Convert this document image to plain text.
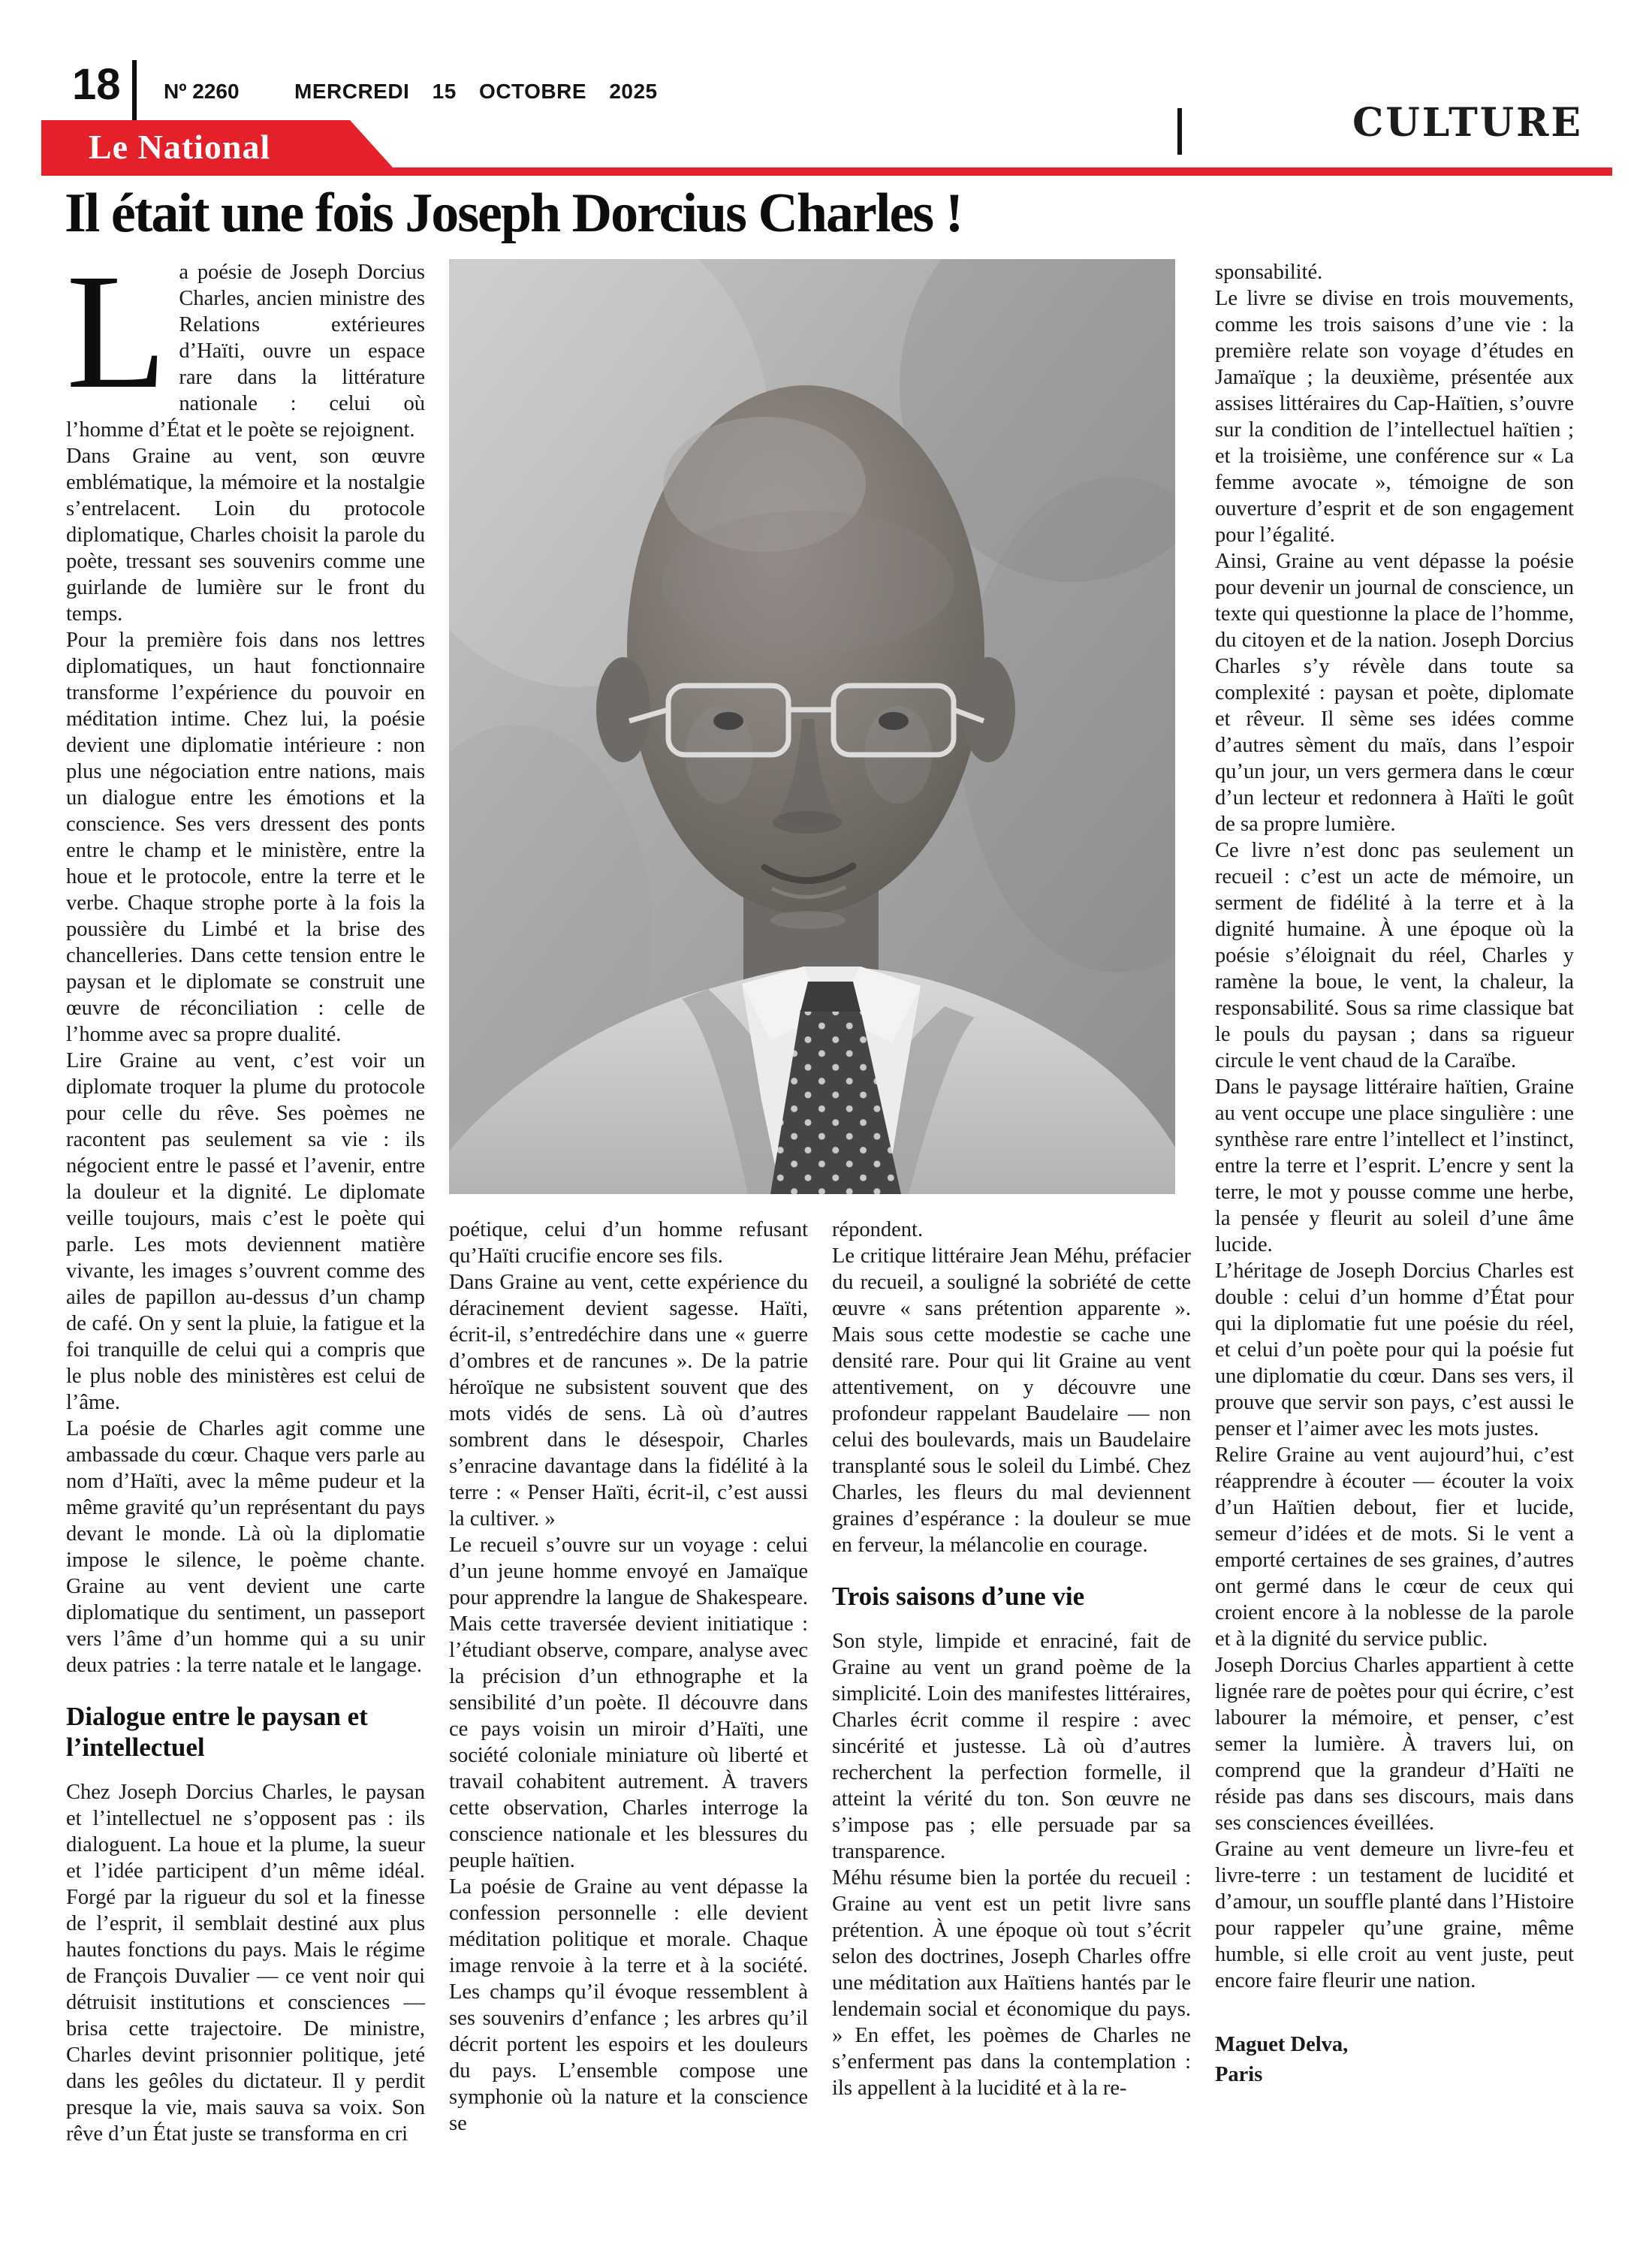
18 Nº 2260	MERCREDI 15 OCTOBRE 2025
CULTURE
Le National
Il était une fois Joseph Dorcius Charles !

La poésie de Joseph Dorcius Charles, ancien ministre des Relations extérieures d’Haïti, ouvre un espace rare dans la littérature nationale : celui où l’homme d’État et le poète se rejoignent.

Dans Graine au vent, son œuvre emblématique, la mémoire et la nostalgie s’entrelacent. Loin du protocole diplomatique, Charles choisit la parole du poète, tressant ses souvenirs comme une guirlande de lumière sur le front du temps.

Pour la première fois dans nos lettres diplomatiques, un haut fonctionnaire transforme l’expérience du pouvoir en méditation intime. Chez lui, la poésie devient une diplomatie intérieure : non plus une négociation entre nations, mais un dialogue entre les émotions et la conscience. Ses vers dressent des ponts entre le champ et le ministère, entre la houe et le protocole, entre la terre et le verbe. Chaque strophe porte à la fois la poussière du Limbé et la brise des chancelleries. Dans cette tension entre le paysan et le diplomate se construit une œuvre de réconciliation : celle de l’homme avec sa propre dualité.

Lire Graine au vent, c’est voir un diplomate troquer la plume du protocole pour celle du rêve. Ses poèmes ne racontent pas seulement sa vie : ils négocient entre le passé et l’avenir, entre la douleur et la dignité. Le diplomate veille toujours, mais c’est le poète qui parle. Les mots deviennent matière vivante, les images s’ouvrent comme des ailes de papillon au-dessus d’un champ de café. On y sent la pluie, la fatigue et la foi tranquille de celui qui a compris que le plus noble des ministères est celui de l’âme.

La poésie de Charles agit comme une ambassade du cœur. Chaque vers parle au nom d’Haïti, avec la même pudeur et la même gravité qu’un représentant du pays devant le monde. Là où la diplomatie impose le silence, le poème chante. Graine au vent devient une carte diplomatique du sentiment, un passeport vers l’âme d’un homme qui a su unir deux patries : la terre natale et le langage.

Dialogue entre le paysan et l’intellectuel

Chez Joseph Dorcius Charles, le paysan et l’intellectuel ne s’opposent pas : ils dialoguent. La houe et la plume, la sueur et l’idée participent d’un même idéal. Forgé par la rigueur du sol et la finesse de l’esprit, il semblait destiné aux plus hautes fonctions du pays. Mais le régime de François Duvalier — ce vent noir qui détruisit institutions et consciences — brisa cette trajectoire. De ministre, Charles devint prisonnier politique, jeté dans les geôles du dictateur. Il y perdit presque la vie, mais sauva sa voix. Son rêve d’un État juste se transforma en cri

poétique, celui d’un homme refusant qu’Haïti crucifie encore ses fils.

Dans Graine au vent, cette expérience du déracinement devient sagesse. Haïti, écrit-il, s’entredéchire dans une « guerre d’ombres et de rancunes ». De la patrie héroïque ne subsistent souvent que des mots vidés de sens. Là où d’autres sombrent dans le désespoir, Charles s’enracine davantage dans la fidélité à la terre : « Penser Haïti, écrit-il, c’est aussi la cultiver. »

Le recueil s’ouvre sur un voyage : celui d’un jeune homme envoyé en Jamaïque pour apprendre la langue de Shakespeare. Mais cette traversée devient initiatique : l’étudiant observe, compare, analyse avec la précision d’un ethnographe et la sensibilité d’un poète. Il découvre dans ce pays voisin un miroir d’Haïti, une société coloniale miniature où liberté et travail cohabitent autrement. À travers cette observation, Charles interroge la conscience nationale et les blessures du peuple haïtien.

La poésie de Graine au vent dépasse la confession personnelle : elle devient méditation politique et morale. Chaque image renvoie à la terre et à la société. Les champs qu’il évoque ressemblent à ses souvenirs d’enfance ; les arbres qu’il décrit portent les espoirs et les douleurs du pays. L’ensemble compose une symphonie où la nature et la conscience se

répondent.

Le critique littéraire Jean Méhu, préfacier du recueil, a souligné la sobriété de cette œuvre « sans prétention apparente ». Mais sous cette modestie se cache une densité rare. Pour qui lit Graine au vent attentivement, on y découvre une profondeur rappelant Baudelaire — non celui des boulevards, mais un Baudelaire transplanté sous le soleil du Limbé. Chez Charles, les fleurs du mal deviennent graines d’espérance : la douleur se mue en ferveur, la mélancolie en courage.

Trois saisons d’une vie

Son style, limpide et enraciné, fait de Graine au vent un grand poème de la simplicité. Loin des manifestes littéraires, Charles écrit comme il respire : avec sincérité et justesse. Là où d’autres recherchent la perfection formelle, il atteint la vérité du ton. Son œuvre ne s’impose pas ; elle persuade par sa transparence.

Méhu résume bien la portée du recueil : Graine au vent est un petit livre sans prétention. À une époque où tout s’écrit selon des doctrines, Joseph Charles offre une méditation aux Haïtiens hantés par le lendemain social et économique du pays. » En effet, les poèmes de Charles ne s’enferment pas dans la contemplation : ils appellent à la lucidité et à la re-

sponsabilité.

Le livre se divise en trois mouvements, comme les trois saisons d’une vie : la première relate son voyage d’études en Jamaïque ; la deuxième, présentée aux assises littéraires du Cap-Haïtien, s’ouvre sur la condition de l’intellectuel haïtien ; et la troisième, une conférence sur « La femme avocate », témoigne de son ouverture d’esprit et de son engagement pour l’égalité.

Ainsi, Graine au vent dépasse la poésie pour devenir un journal de conscience, un texte qui questionne la place de l’homme, du citoyen et de la nation. Joseph Dorcius Charles s’y révèle dans toute sa complexité : paysan et poète, diplomate et rêveur. Il sème ses idées comme d’autres sèment du maïs, dans l’espoir qu’un jour, un vers germera dans le cœur d’un lecteur et redonnera à Haïti le goût de sa propre lumière.

Ce livre n’est donc pas seulement un recueil : c’est un acte de mémoire, un serment de fidélité à la terre et à la dignité humaine. À une époque où la poésie s’éloignait du réel, Charles y ramène la boue, le vent, la chaleur, la responsabilité. Sous sa rime classique bat le pouls du paysan ; dans sa rigueur circule le vent chaud de la Caraïbe.

Dans le paysage littéraire haïtien, Graine au vent occupe une place singulière : une synthèse rare entre l’intellect et l’instinct, entre la terre et l’esprit. L’encre y sent la terre, le mot y pousse comme une herbe, la pensée y fleurit au soleil d’une âme lucide.

L’héritage de Joseph Dorcius Charles est double : celui d’un homme d’État pour qui la diplomatie fut une poésie du réel, et celui d’un poète pour qui la poésie fut une diplomatie du cœur. Dans ses vers, il prouve que servir son pays, c’est aussi le penser et l’aimer avec les mots justes.

Relire Graine au vent aujourd’hui, c’est réapprendre à écouter — écouter la voix d’un Haïtien debout, fier et lucide, semeur d’idées et de mots. Si le vent a emporté certaines de ses graines, d’autres ont germé dans le cœur de ceux qui croient encore à la noblesse de la parole et à la dignité du service public.

Joseph Dorcius Charles appartient à cette lignée rare de poètes pour qui écrire, c’est labourer la mémoire, et penser, c’est semer la lumière. À travers lui, on comprend que la grandeur d’Haïti ne réside pas dans ses discours, mais dans ses consciences éveillées.

Graine au vent demeure un livre-feu et livre-terre : un testament de lucidité et d’amour, un souffle planté dans l’Histoire pour rappeler qu’une graine, même humble, si elle croit au vent juste, peut encore faire fleurir une nation.

Maguet Delva,

Paris
